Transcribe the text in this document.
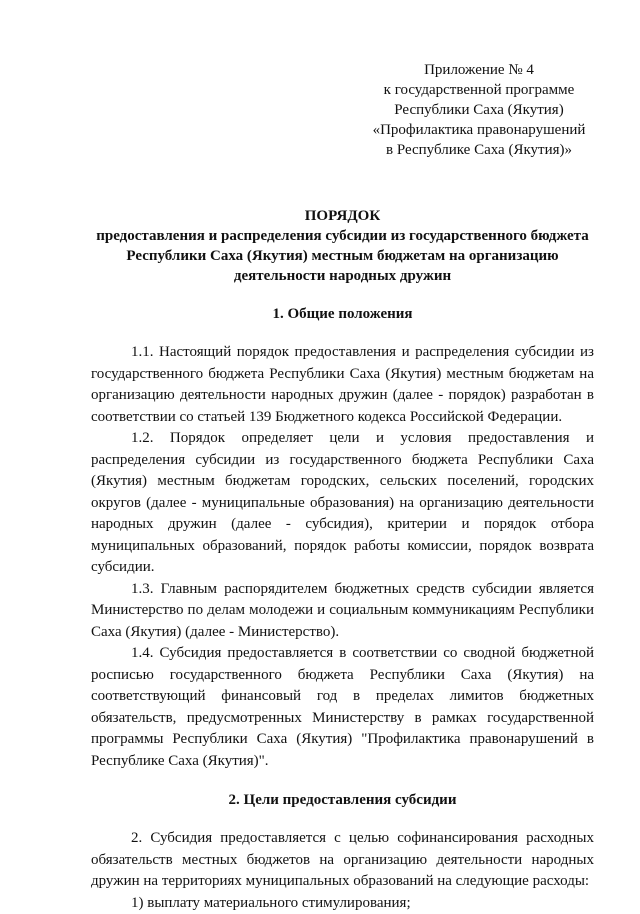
Приложение № 4
к государственной программе
Республики Саха (Якутия)
«Профилактика правонарушений
в Республике Саха (Якутия)»
ПОРЯДОК
предоставления и распределения субсидии из государственного бюджета
Республики Саха (Якутия) местным бюджетам на организацию
деятельности народных дружин
1. Общие положения

1.1. Настоящий порядок предоставления и распределения субсидии из государственного бюджета Республики Саха (Якутия) местным бюджетам на организацию деятельности народных дружин (далее - порядок) разработан в соответствии со статьей 139 Бюджетного кодекса Российской Федерации.

1.2. Порядок определяет цели и условия предоставления и распределения субсидии из государственного бюджета Республики Саха (Якутия) местным бюджетам городских, сельских поселений, городских округов (далее - муниципальные образования) на организацию деятельности народных дружин (далее - субсидия), критерии и порядок отбора муниципальных образований, порядок работы комиссии, порядок возврата субсидии.

1.3. Главным распорядителем бюджетных средств субсидии является Министерство по делам молодежи и социальным коммуникациям Республики Саха (Якутия) (далее - Министерство).

1.4. Субсидия предоставляется в соответствии со сводной бюджетной росписью государственного бюджета Республики Саха (Якутия) на соответствующий финансовый год в пределах лимитов бюджетных обязательств, предусмотренных Министерству в рамках государственной программы Республики Саха (Якутия) "Профилактика правонарушений в Республике Саха (Якутия)".

2. Цели предоставления субсидии

2. Субсидия предоставляется с целью софинансирования расходных обязательств местных бюджетов на организацию деятельности народных дружин на территориях муниципальных образований на следующие расходы:

1) выплату материального стимулирования;
